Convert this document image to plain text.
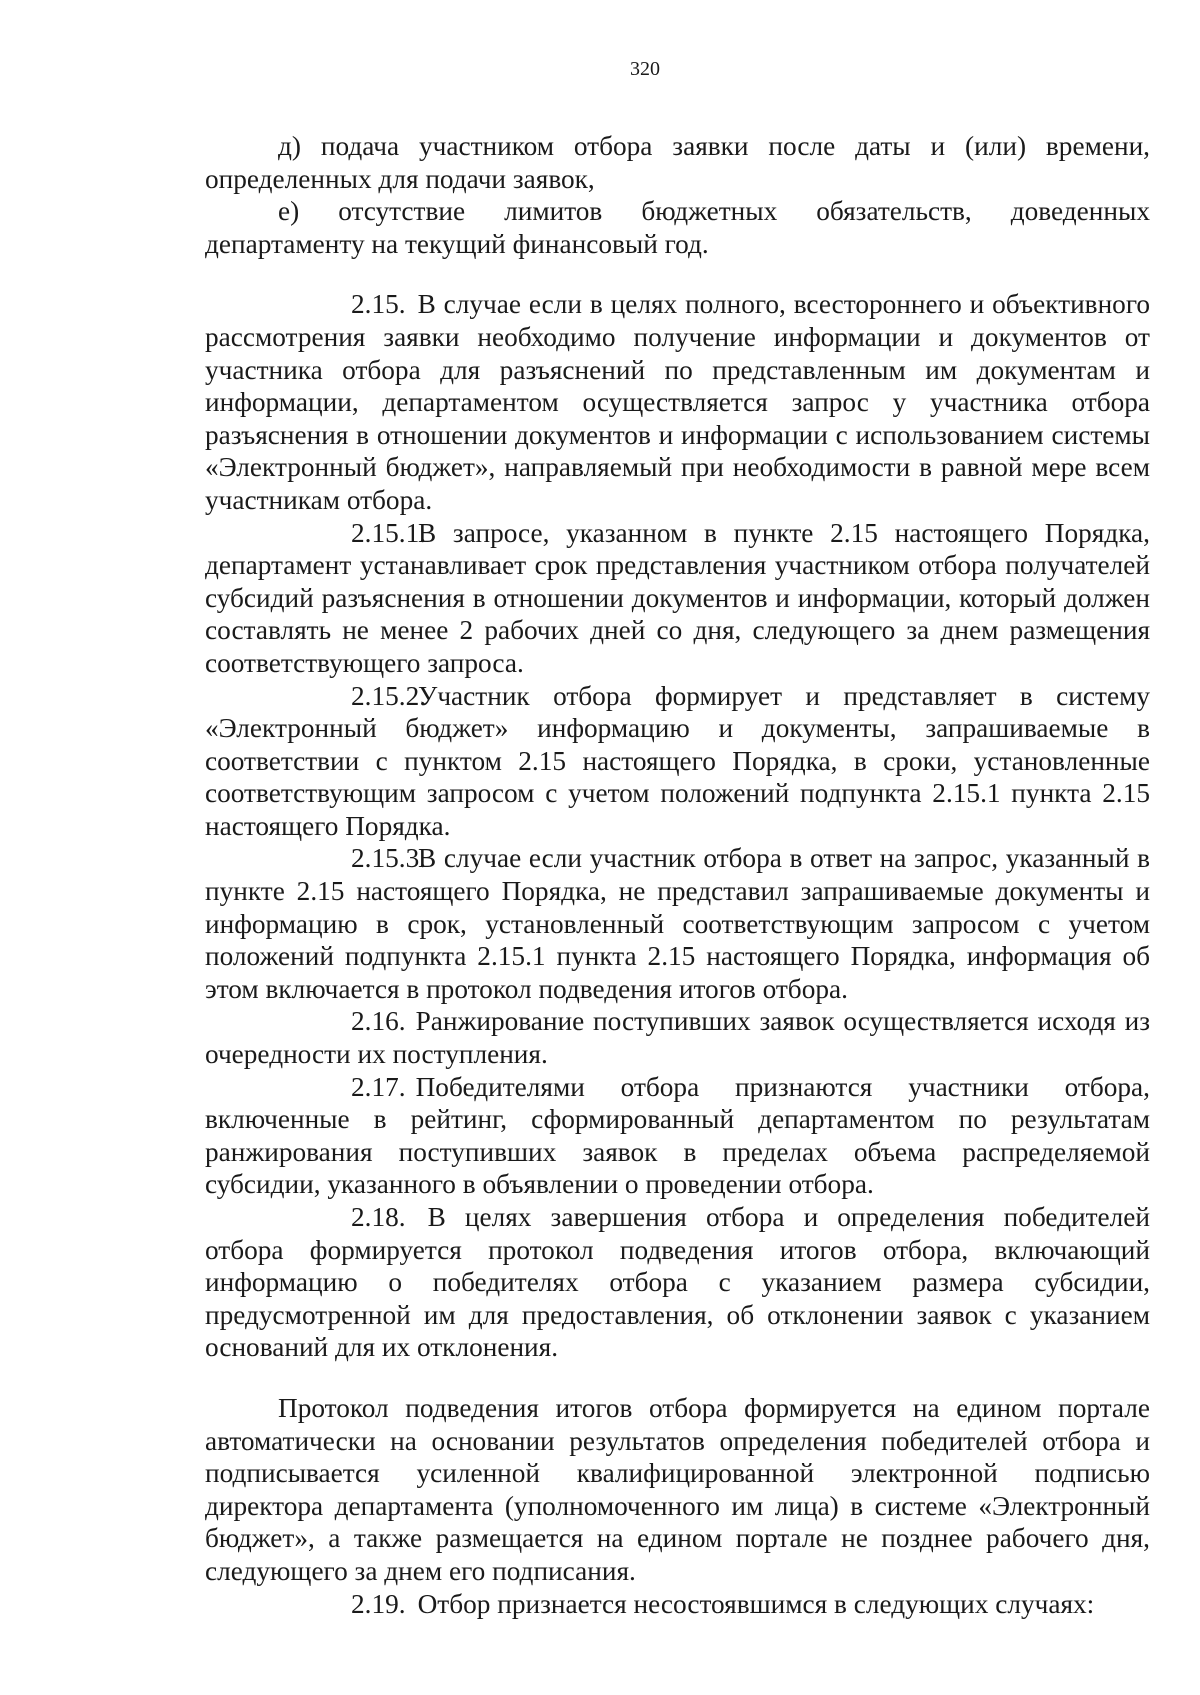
320

д) подача участником отбора заявки после даты и (или) времени, определенных для подачи заявок,

е) отсутствие лимитов бюджетных обязательств, доведенных департаменту на текущий финансовый год.

2.15. В случае если в целях полного, всестороннего и объективного рассмотрения заявки необходимо получение информации и документов от участника отбора для разъяснений по представленным им документам и информации, департаментом осуществляется запрос у участника отбора разъяснения в отношении документов и информации с использованием системы «Электронный бюджет», направляемый при необходимости в равной мере всем участникам отбора.

2.15.1.В запросе, указанном в пункте 2.15 настоящего Порядка, департамент устанавливает срок представления участником отбора получателей субсидий разъяснения в отношении документов и информации, который должен составлять не менее 2 рабочих дней со дня, следующего за днем размещения соответствующего запроса.

2.15.2.Участник отбора формирует и представляет в систему «Электронный бюджет» информацию и документы, запрашиваемые в соответствии с пунктом 2.15 настоящего Порядка, в сроки, установленные соответствующим запросом с учетом положений подпункта 2.15.1 пункта 2.15 настоящего Порядка.

2.15.3.В случае если участник отбора в ответ на запрос, указанный в пункте 2.15 настоящего Порядка, не представил запрашиваемые документы и информацию в срок, установленный соответствующим запросом с учетом положений подпункта 2.15.1 пункта 2.15 настоящего Порядка, информация об этом включается в протокол подведения итогов отбора.

2.16. Ранжирование поступивших заявок осуществляется исходя из очередности их поступления.

2.17. Победителями отбора признаются участники отбора, включенные в рейтинг, сформированный департаментом по результатам ранжирования поступивших заявок в пределах объема распределяемой субсидии, указанного в объявлении о проведении отбора.

2.18. В целях завершения отбора и определения победителей отбора формируется протокол подведения итогов отбора, включающий информацию о победителях отбора с указанием размера субсидии, предусмотренной им для предоставления, об отклонении заявок с указанием оснований для их отклонения.

Протокол подведения итогов отбора формируется на едином портале автоматически на основании результатов определения победителей отбора и подписывается усиленной квалифицированной электронной подписью директора департамента (уполномоченного им лица) в системе «Электронный бюджет», а также размещается на едином портале не позднее рабочего дня, следующего за днем его подписания.

2.19. Отбор признается несостоявшимся в следующих случаях:
